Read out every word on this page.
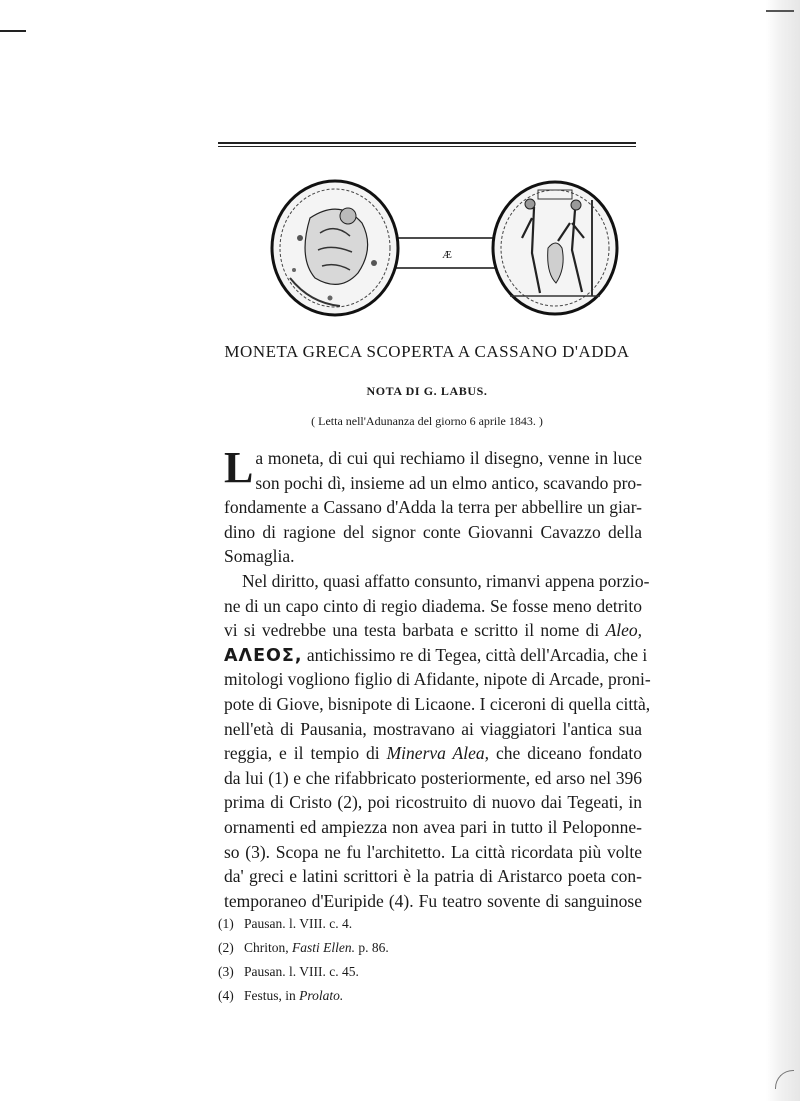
Æ
MONETA GRECA SCOPERTA A CASSANO D'ADDA
NOTA DI G. LABUS.
( Letta nell'Adunanza del giorno 6 aprile 1843. )
La moneta, di cui qui rechiamo il disegno, venne in luce
son pochi dì, insieme ad un elmo antico, scavando pro-
fondamente a Cassano d'Adda la terra per abbellire un giar-
dino di ragione del signor conte Giovanni Cavazzo della
Somaglia.
Nel diritto, quasi affatto consunto, rimanvi appena porzio-
ne di un capo cinto di regio diadema. Se fosse meno detrito
vi si vedrebbe una testa barbata e scritto il nome di Aleo,
ΑΛΕΟΣ, antichissimo re di Tegea, città dell'Arcadia, che i
mitologi vogliono figlio di Afidante, nipote di Arcade, proni-
pote di Giove, bisnipote di Licaone. I ciceroni di quella città,
nell'età di Pausania, mostravano ai viaggiatori l'antica sua
reggia, e il tempio di Minerva Alea, che diceano fondato
da lui (1) e che rifabbricato posteriormente, ed arso nel 396
prima di Cristo (2), poi ricostruito di nuovo dai Tegeati, in
ornamenti ed ampiezza non avea pari in tutto il Peloponne-
so (3). Scopa ne fu l'architetto. La città ricordata più volte
da' greci e latini scrittori è la patria di Aristarco poeta con-
temporaneo d'Euripide (4). Fu teatro sovente di sanguinose
(1) Pausan. l. VIII. c. 4.
(2) Chriton, Fasti Ellen. p. 86.
(3) Pausan. l. VIII. c. 45.
(4) Festus, in Prolato.
